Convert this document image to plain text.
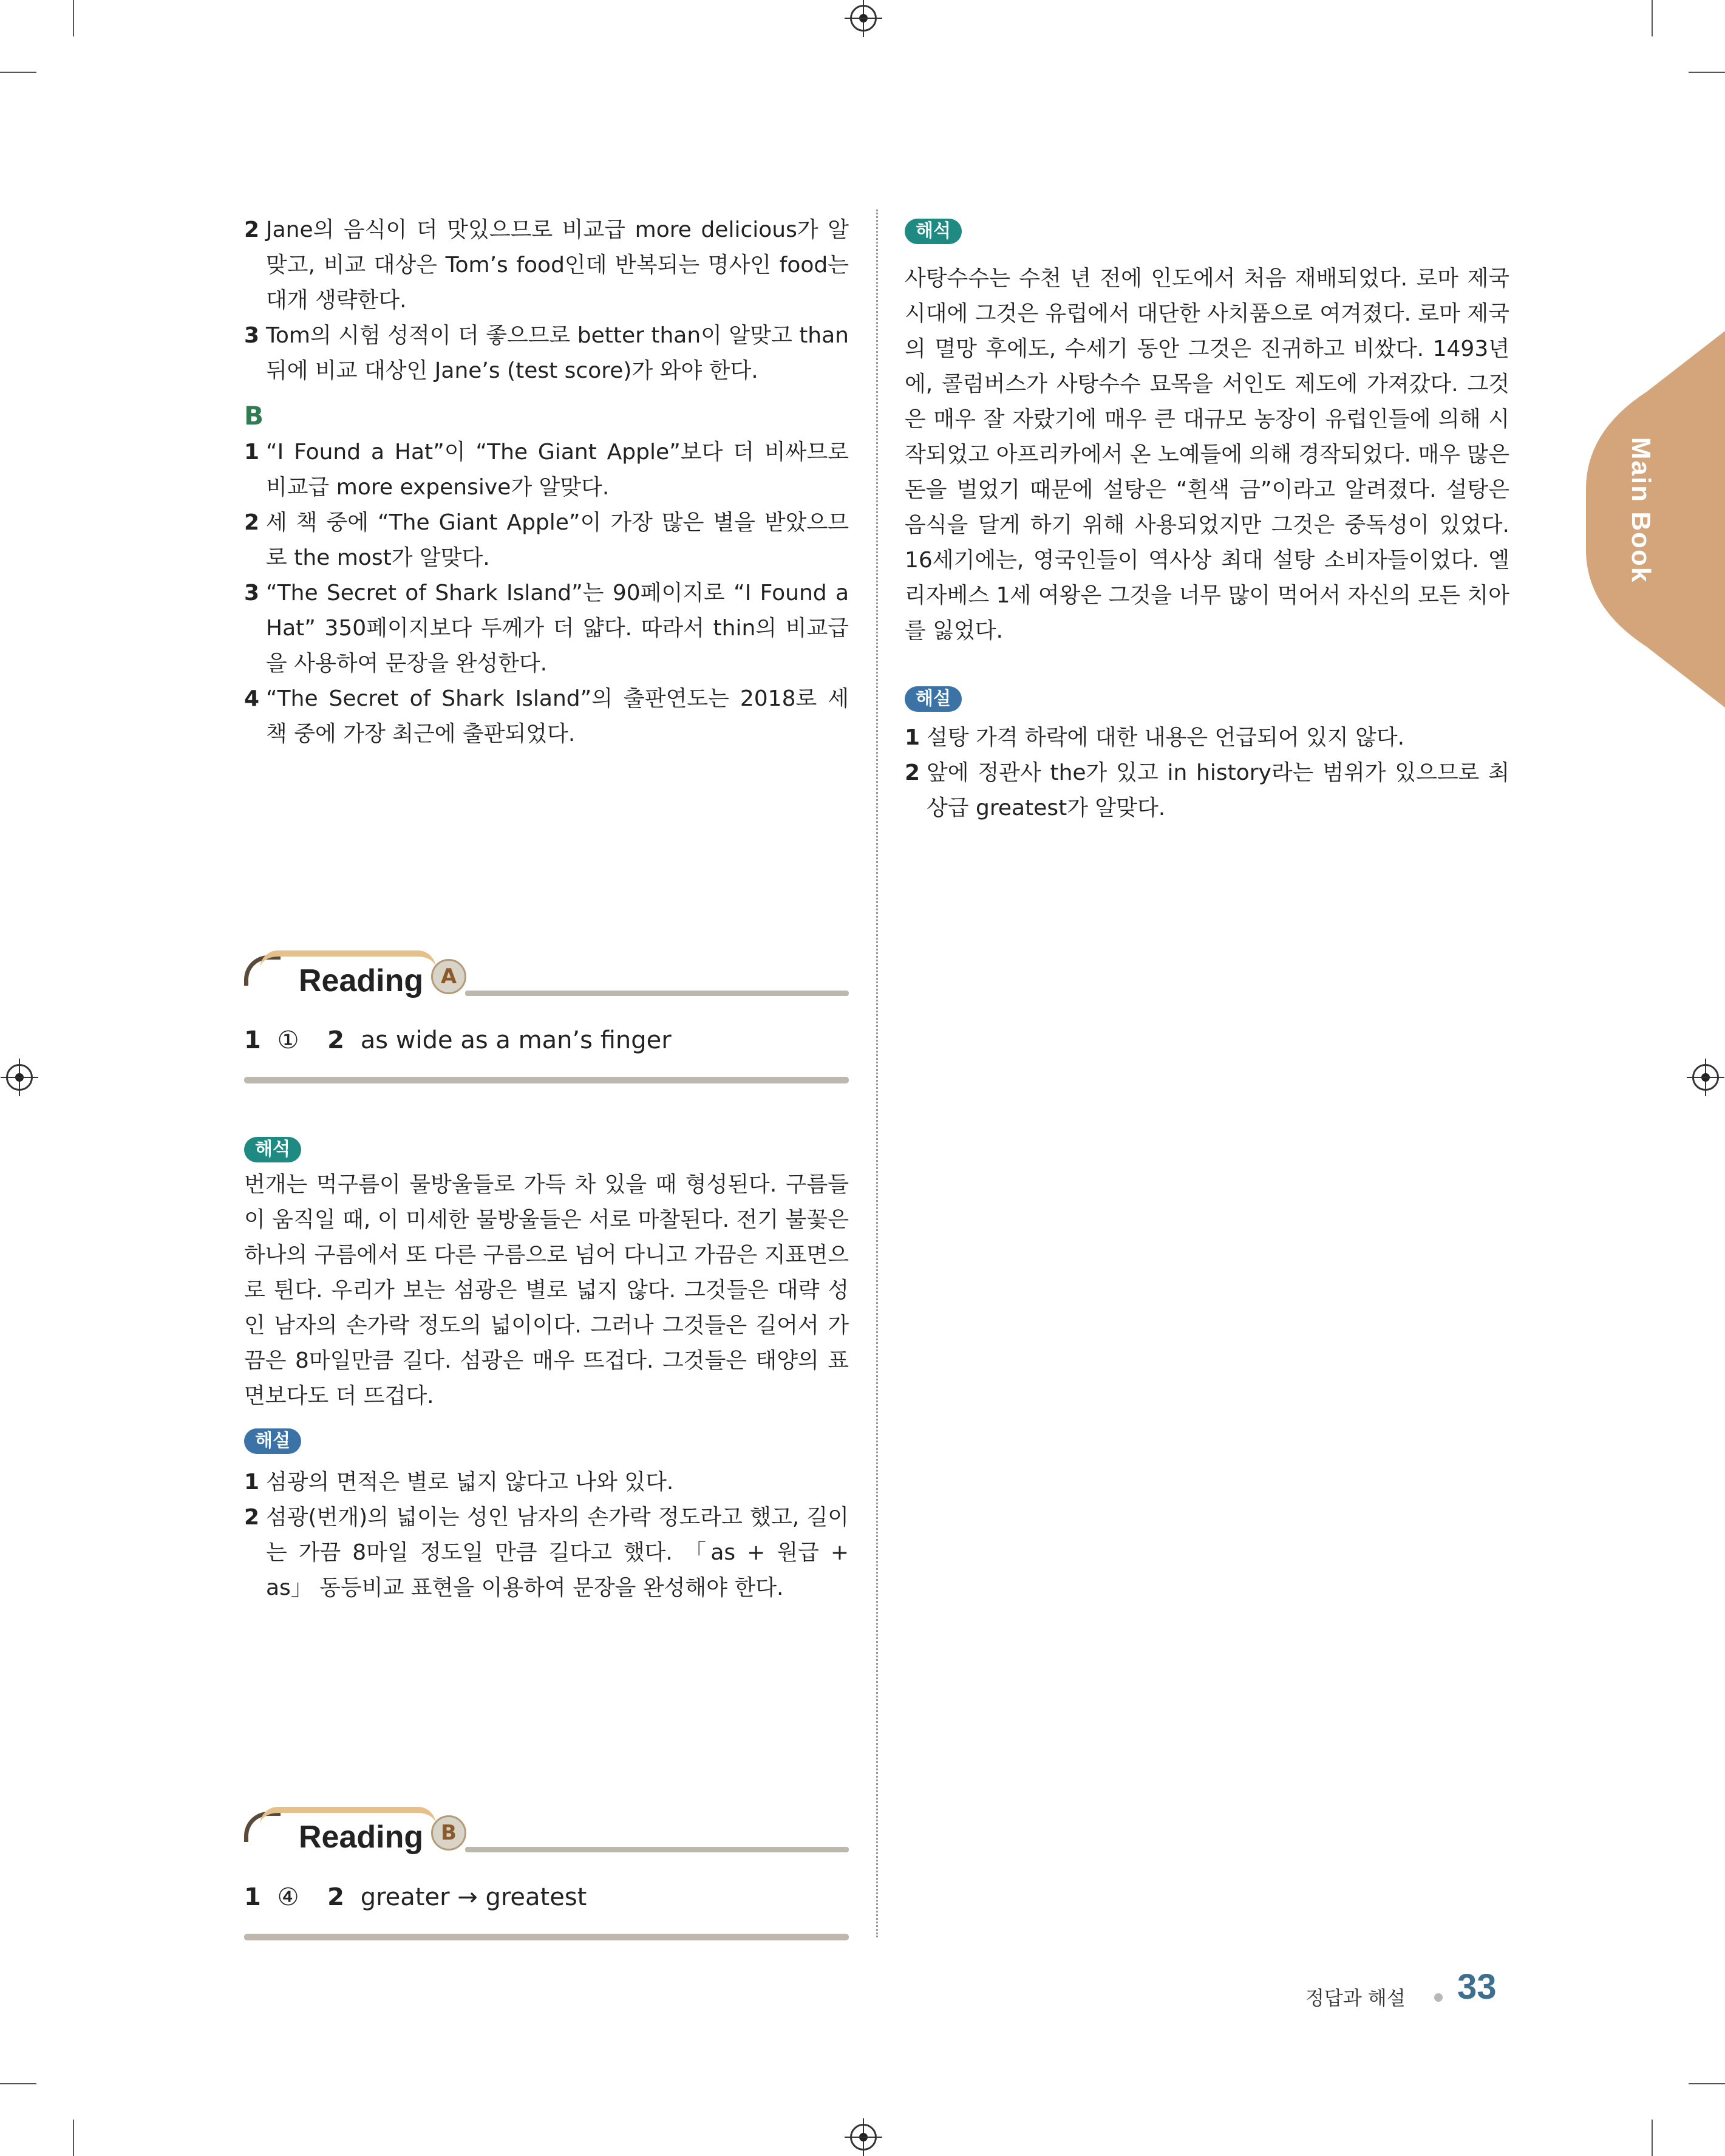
2 Jane의 음식이 더 맛있으므로 비교급 more delicious가 알맞고, 비교 대상은 Tom’s food인데 반복되는 명사인 food는 대개 생략한다.
3 Tom의 시험 성적이 더 좋으므로 better than이 알맞고 than 뒤에 비교 대상인 Jane’s (test score)가 와야 한다.
B
1 “I Found a Hat”이 “The Giant Apple”보다 더 비싸므로 비교급 more expensive가 알맞다.
2 세 책 중에 “The Giant Apple”이 가장 많은 별을 받았으므로 the most가 알맞다.
3 “The Secret of Shark Island”는 90페이지로 “I Found a Hat” 350페이지보다 두께가 더 얇다. 따라서 thin의 비교급을 사용하여 문장을 완성한다.
4 “The Secret of Shark Island”의 출판연도는 2018로 세 책 중에 가장 최근에 출판되었다.
Reading A
1 ① 2 as wide as a man’s finger
해석
번개는 먹구름이 물방울들로 가득 차 있을 때 형성된다. 구름들이 움직일 때, 이 미세한 물방울들은 서로 마찰된다. 전기 불꽃은 하나의 구름에서 또 다른 구름으로 넘어 다니고 가끔은 지표면으로 튄다. 우리가 보는 섬광은 별로 넓지 않다. 그것들은 대략 성인 남자의 손가락 정도의 넓이이다. 그러나 그것들은 길어서 가끔은 8마일만큼 길다. 섬광은 매우 뜨겁다. 그것들은 태양의 표면보다도 더 뜨겁다.
해설
1 섬광의 면적은 별로 넓지 않다고 나와 있다.
2 섬광(번개)의 넓이는 성인 남자의 손가락 정도라고 했고, 길이는 가끔 8마일 정도일 만큼 길다고 했다. 「as + 원급 + as」 동등비교 표현을 이용하여 문장을 완성해야 한다.
Reading B
1 ④ 2 greater → greatest
해석
사탕수수는 수천 년 전에 인도에서 처음 재배되었다. 로마 제국 시대에 그것은 유럽에서 대단한 사치품으로 여겨졌다. 로마 제국의 멸망 후에도, 수세기 동안 그것은 진귀하고 비쌌다. 1493년에, 콜럼버스가 사탕수수 묘목을 서인도 제도에 가져갔다. 그것은 매우 잘 자랐기에 매우 큰 대규모 농장이 유럽인들에 의해 시작되었고 아프리카에서 온 노예들에 의해 경작되었다. 매우 많은 돈을 벌었기 때문에 설탕은 “흰색 금”이라고 알려졌다. 설탕은 음식을 달게 하기 위해 사용되었지만 그것은 중독성이 있었다. 16세기에는, 영국인들이 역사상 최대 설탕 소비자들이었다. 엘리자베스 1세 여왕은 그것을 너무 많이 먹어서 자신의 모든 치아를 잃었다.
해설
1 설탕 가격 하락에 대한 내용은 언급되어 있지 않다.
2 앞에 정관사 the가 있고 in history라는 범위가 있으므로 최상급 greatest가 알맞다.
Main Book
정답과 해설 33
